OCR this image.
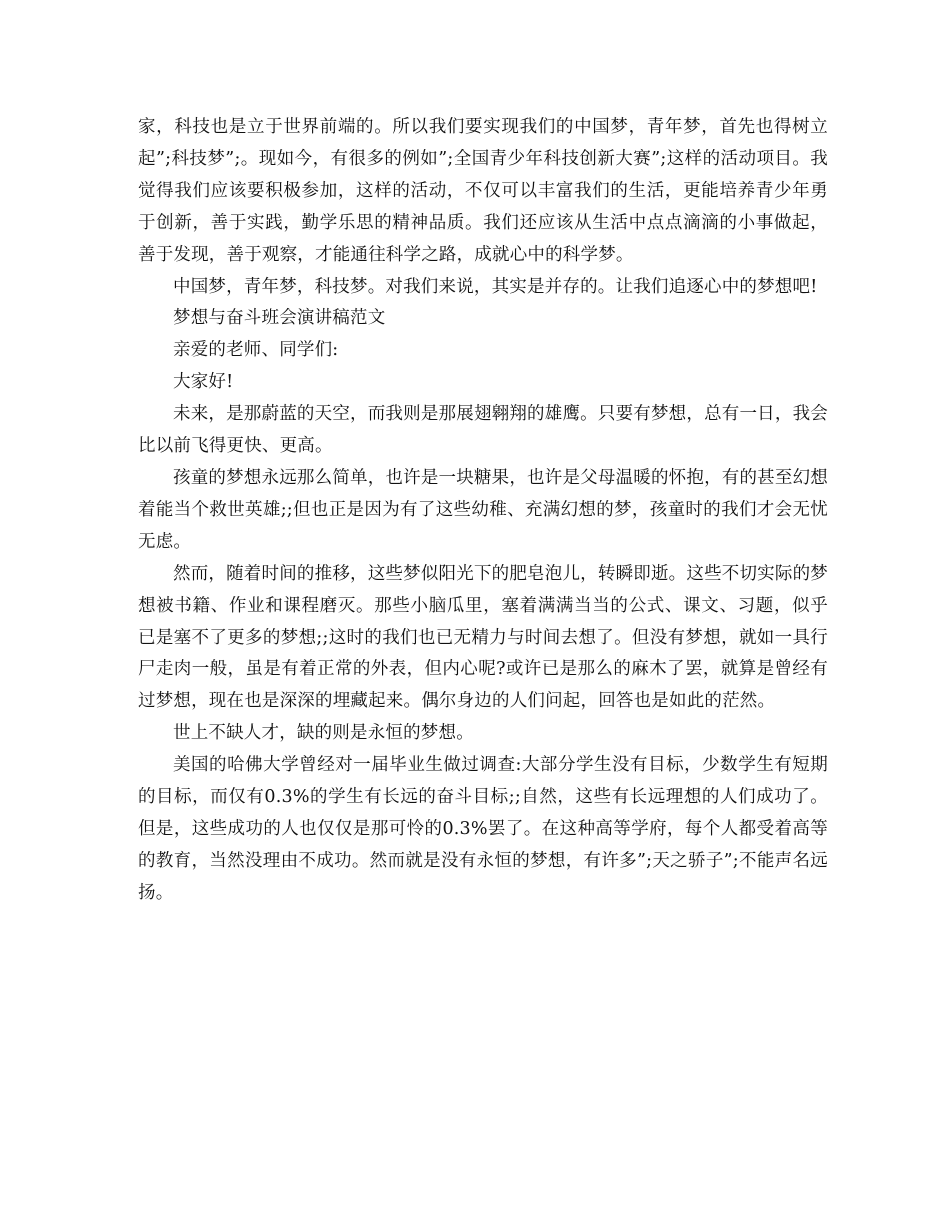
家，科技也是立于世界前端的。所以我们要实现我们的中国梦，青年梦，首先也得树立起”;科技梦”;。现如今，有很多的例如”;全国青少年科技创新大赛”;这样的活动项目。我觉得我们应该要积极参加，这样的活动，不仅可以丰富我们的生活，更能培养青少年勇于创新，善于实践，勤学乐思的精神品质。我们还应该从生活中点点滴滴的小事做起，善于发现，善于观察，才能通往科学之路，成就心中的科学梦。

中国梦，青年梦，科技梦。对我们来说，其实是并存的。让我们追逐心中的梦想吧!

梦想与奋斗班会演讲稿范文

亲爱的老师、同学们:

大家好!

未来，是那蔚蓝的天空，而我则是那展翅翱翔的雄鹰。只要有梦想，总有一日，我会比以前飞得更快、更高。

孩童的梦想永远那么简单，也许是一块糖果，也许是父母温暖的怀抱，有的甚至幻想着能当个救世英雄;;但也正是因为有了这些幼稚、充满幻想的梦，孩童时的我们才会无忧无虑。

然而，随着时间的推移，这些梦似阳光下的肥皂泡儿，转瞬即逝。这些不切实际的梦想被书籍、作业和课程磨灭。那些小脑瓜里，塞着满满当当的公式、课文、习题，似乎已是塞不了更多的梦想;;这时的我们也已无精力与时间去想了。但没有梦想，就如一具行尸走肉一般，虽是有着正常的外表，但内心呢?或许已是那么的麻木了罢，就算是曾经有过梦想，现在也是深深的埋藏起来。偶尔身边的人们问起，回答也是如此的茫然。

世上不缺人才，缺的则是永恒的梦想。

美国的哈佛大学曾经对一届毕业生做过调查:大部分学生没有目标，少数学生有短期的目标，而仅有0.3%的学生有长远的奋斗目标;;自然，这些有长远理想的人们成功了。但是，这些成功的人也仅仅是那可怜的0.3%罢了。在这种高等学府，每个人都受着高等的教育，当然没理由不成功。然而就是没有永恒的梦想，有许多”;天之骄子”;不能声名远扬。
